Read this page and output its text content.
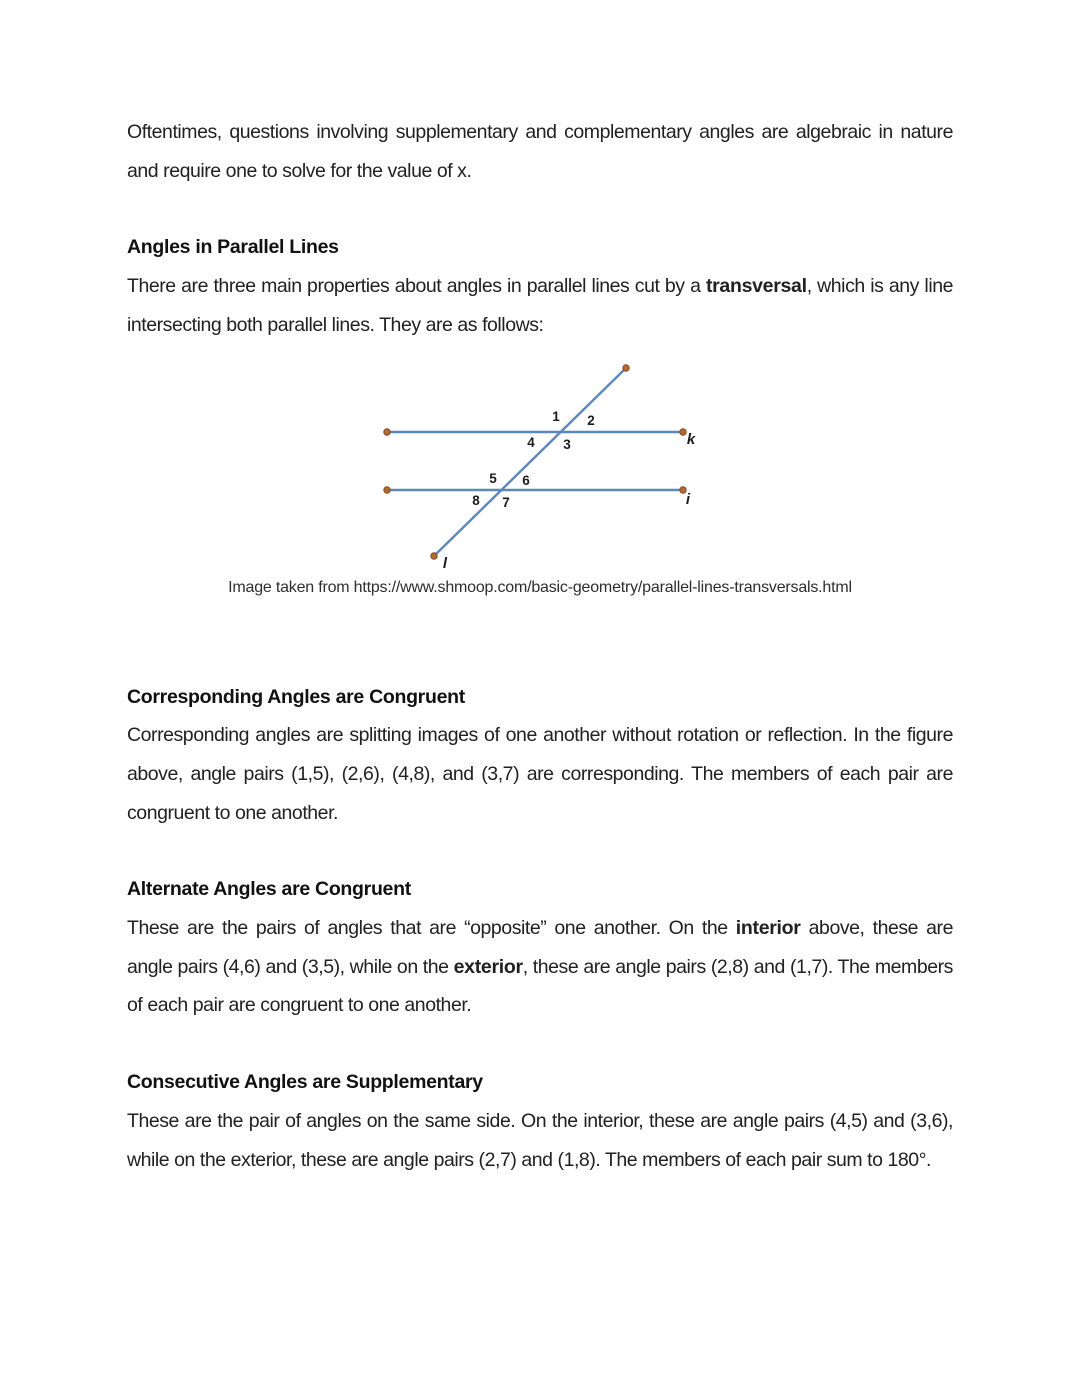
Oftentimes, questions involving supplementary and complementary angles are algebraic in nature and require one to solve for the value of x.

Angles in Parallel Lines

There are three main properties about angles in parallel lines cut by a transversal, which is any line intersecting both parallel lines. They are as follows:

1 2
4 3
5 6
8 7
k
i
l

Image taken from https://www.shmoop.com/basic-geometry/parallel-lines-transversals.html

Corresponding Angles are Congruent

Corresponding angles are splitting images of one another without rotation or reflection. In the figure above, angle pairs (1,5), (2,6), (4,8), and (3,7) are corresponding. The members of each pair are congruent to one another.

Alternate Angles are Congruent

These are the pairs of angles that are “opposite” one another. On the interior above, these are angle pairs (4,6) and (3,5), while on the exterior, these are angle pairs (2,8) and (1,7). The members of each pair are congruent to one another.

Consecutive Angles are Supplementary

These are the pair of angles on the same side. On the interior, these are angle pairs (4,5) and (3,6), while on the exterior, these are angle pairs (2,7) and (1,8). The members of each pair sum to 180°.
